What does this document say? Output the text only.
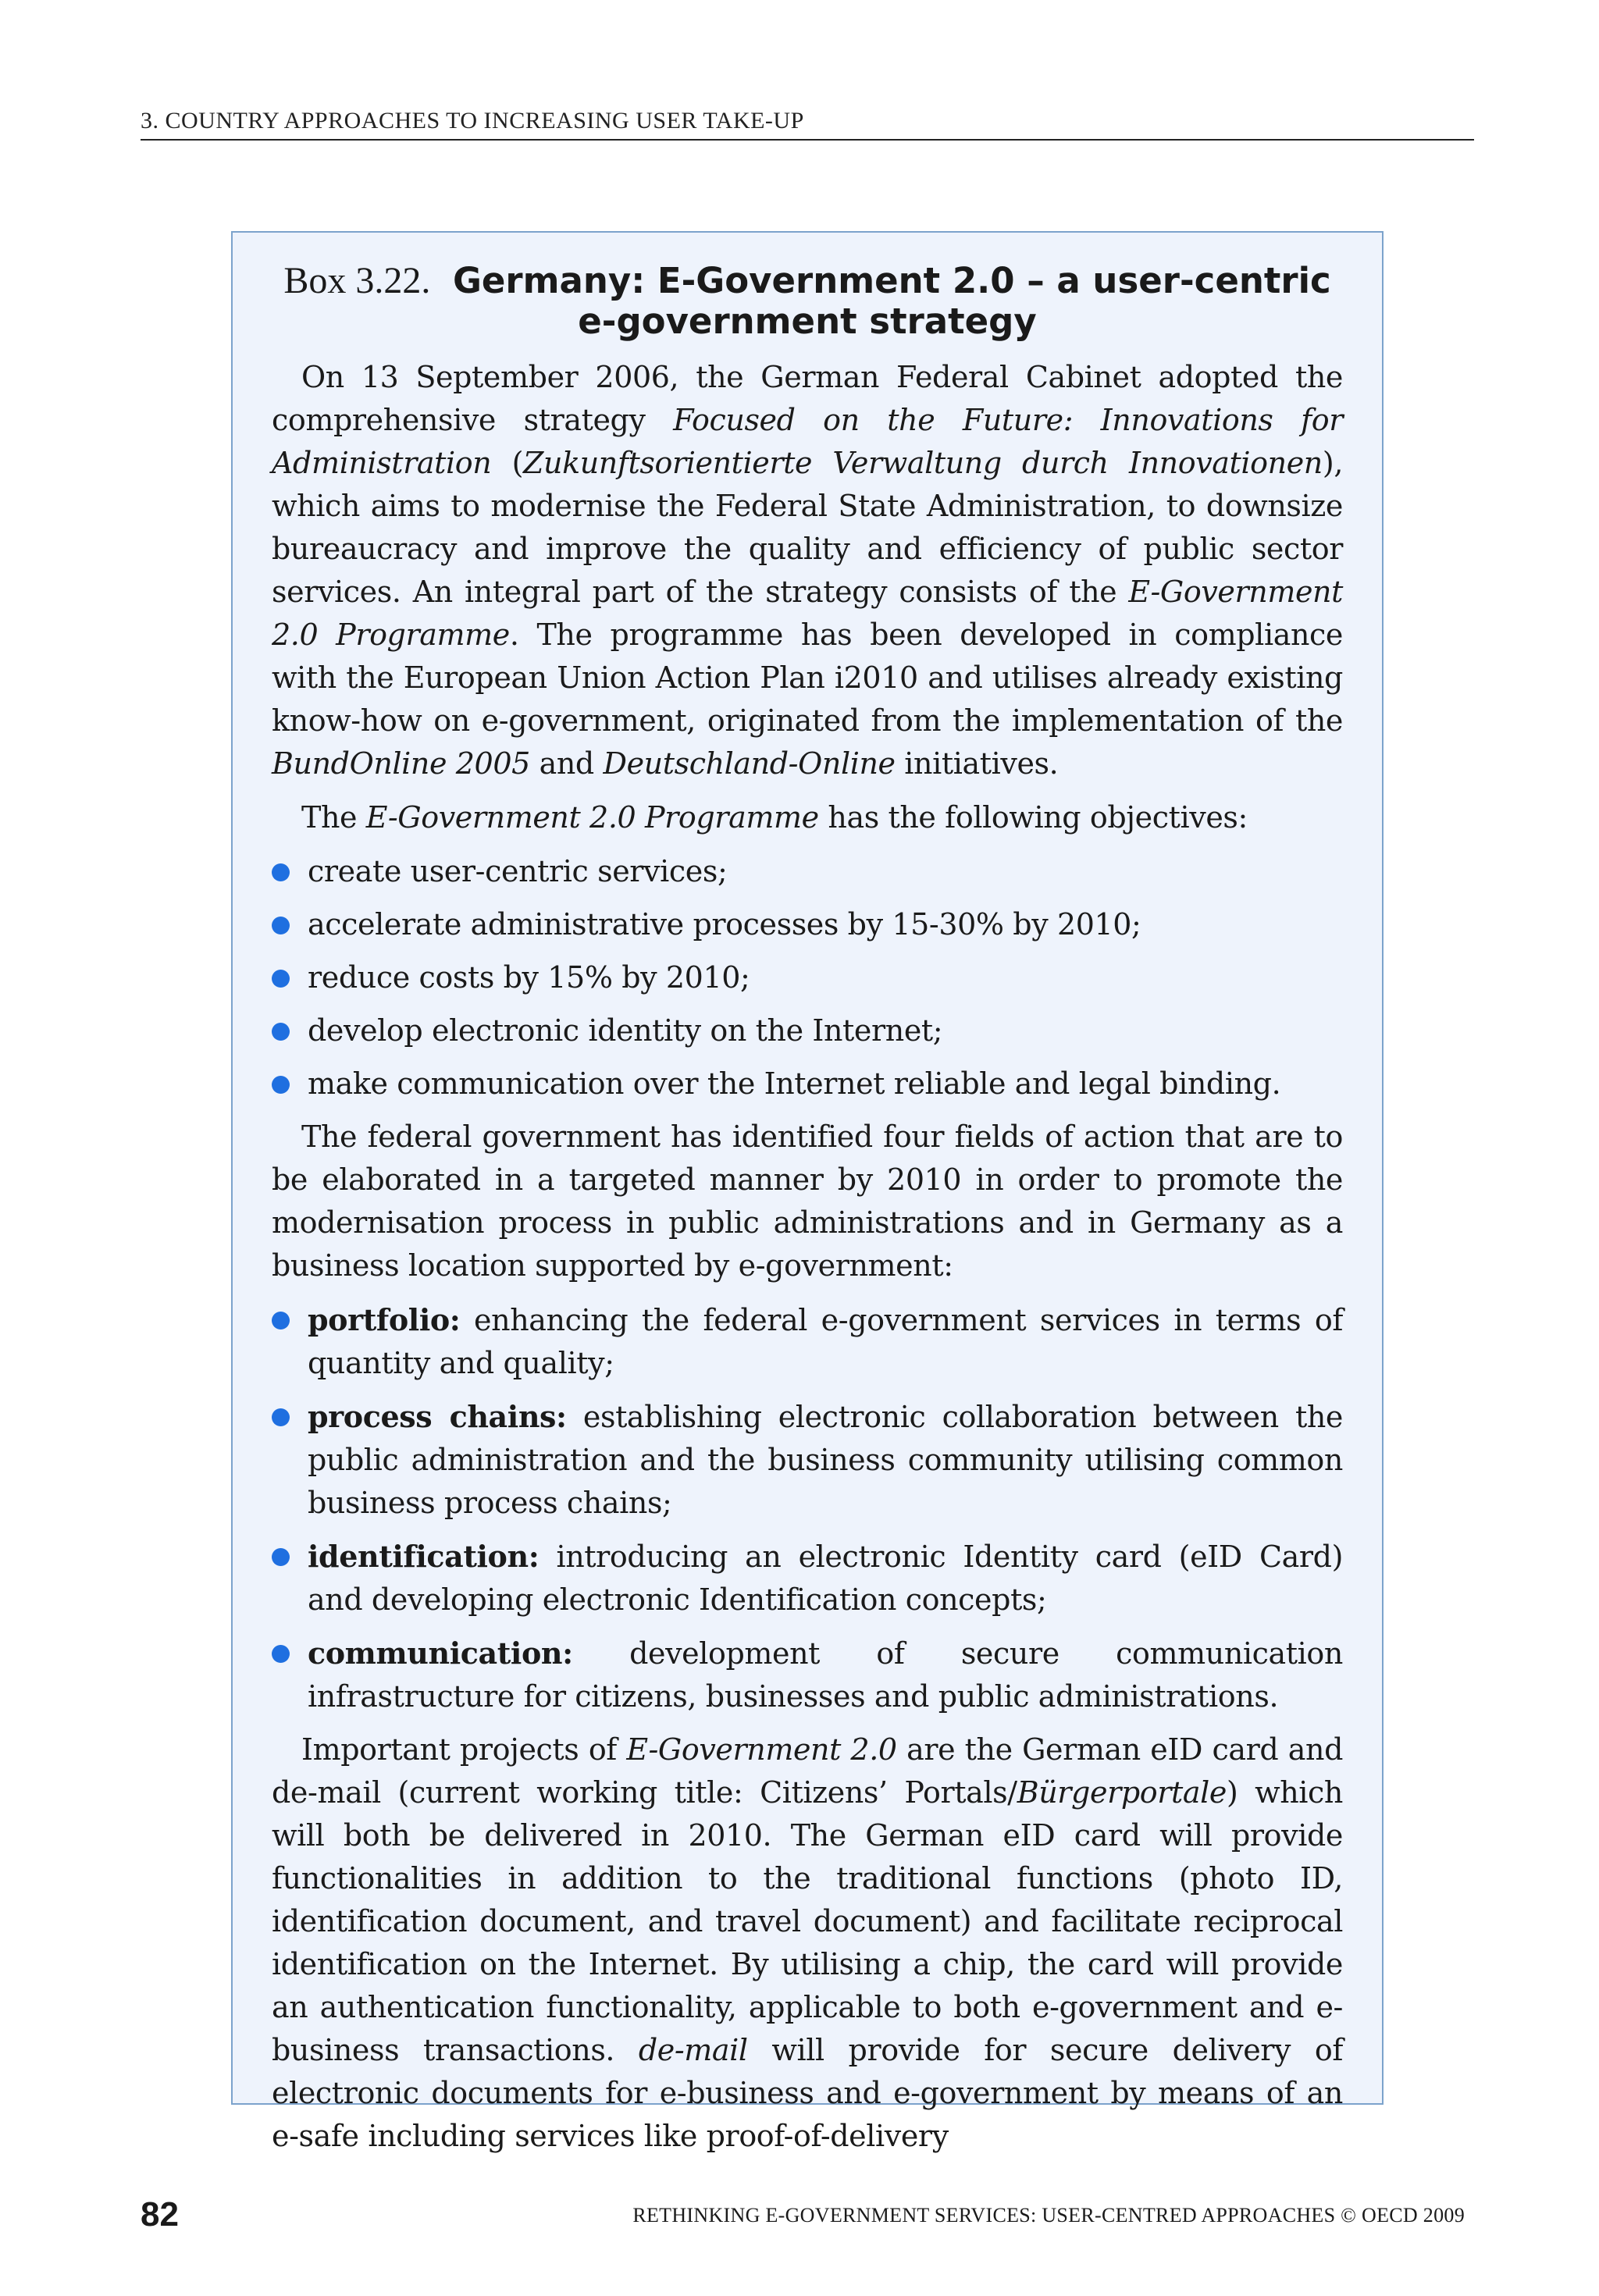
3. COUNTRY APPROACHES TO INCREASING USER TAKE-UP
Box 3.22. Germany: E-Government 2.0 – a user-centric e-government strategy

On 13 September 2006, the German Federal Cabinet adopted the comprehensive strategy Focused on the Future: Innovations for Administration (Zukunftsorientierte Verwaltung durch Innovationen), which aims to modernise the Federal State Administration, to downsize bureaucracy and improve the quality and efficiency of public sector services. An integral part of the strategy consists of the E-Government 2.0 Programme. The programme has been developed in compliance with the European Union Action Plan i2010 and utilises already existing know-how on e-government, originated from the implementation of the BundOnline 2005 and Deutschland-Online initiatives.

The E-Government 2.0 Programme has the following objectives:

create user-centric services;
accelerate administrative processes by 15-30% by 2010;
reduce costs by 15% by 2010;
develop electronic identity on the Internet;
make communication over the Internet reliable and legal binding.

The federal government has identified four fields of action that are to be elaborated in a targeted manner by 2010 in order to promote the modernisation process in public administrations and in Germany as a business location supported by e-government:

portfolio: enhancing the federal e-government services in terms of quantity and quality;
process chains: establishing electronic collaboration between the public administration and the business community utilising common business process chains;
identification: introducing an electronic Identity card (eID Card) and developing electronic Identification concepts;
communication: development of secure communication infrastructure for citizens, businesses and public administrations.

Important projects of E-Government 2.0 are the German eID card and de-mail (current working title: Citizens’ Portals/Bürgerportale) which will both be delivered in 2010. The German eID card will provide functionalities in addition to the traditional functions (photo ID, identification document, and travel document) and facilitate reciprocal identification on the Internet. By utilising a chip, the card will provide an authentication functionality, applicable to both e-government and e-business transactions. de-mail will provide for secure delivery of electronic documents for e-business and e-government by means of an e-safe including services like proof-of-delivery

82	RETHINKING E-GOVERNMENT SERVICES: USER-CENTRED APPROACHES © OECD 2009
